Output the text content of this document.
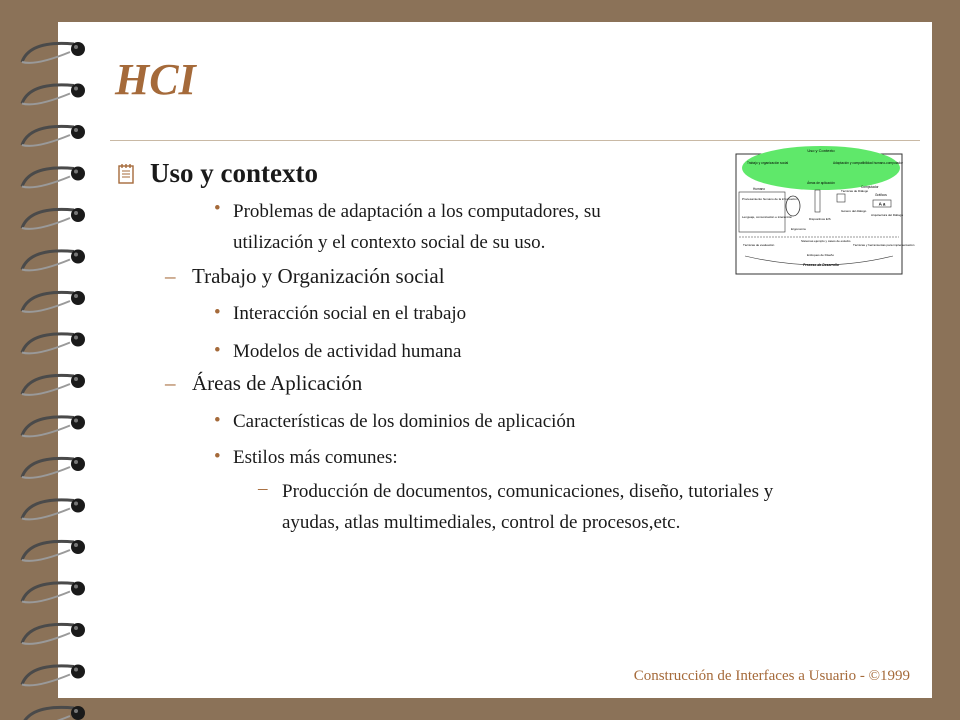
HCI
Uso y contexto
• Problemas de adaptación a los computadores, su
utilización y el contexto social de su uso.
– Trabajo y Organización social
• Interacción social en el trabajo
• Modelos de actividad humana
– Áreas de Aplicación
• Características de los dominios de aplicación
• Estilos más comunes:
– Producción de documentos, comunicaciones, diseño, tutoriales y
ayudas, atlas multimediales, control de procesos,etc.
Uso y Contexto
Trabajo y organización social	Adaptación y compatibilidad humano-computador
Áreas de aplicación
Humano	Computador
Procesamiento humano de la información
Lenguaje, comunicación e interacción
Ergonomía
Dispositivos E/S
Técnicas de Diálogo
Género del diálogo
Gráficos
A a
Arquitectura del Diálogo
Técnicas de evaluación
Sistemas ejemplo y casos de estudio
Enfoques de Diseño
Técnicas y herramientas para implementación
Proceso de Desarrollo
Construcción de Interfaces a Usuario - ©1999
